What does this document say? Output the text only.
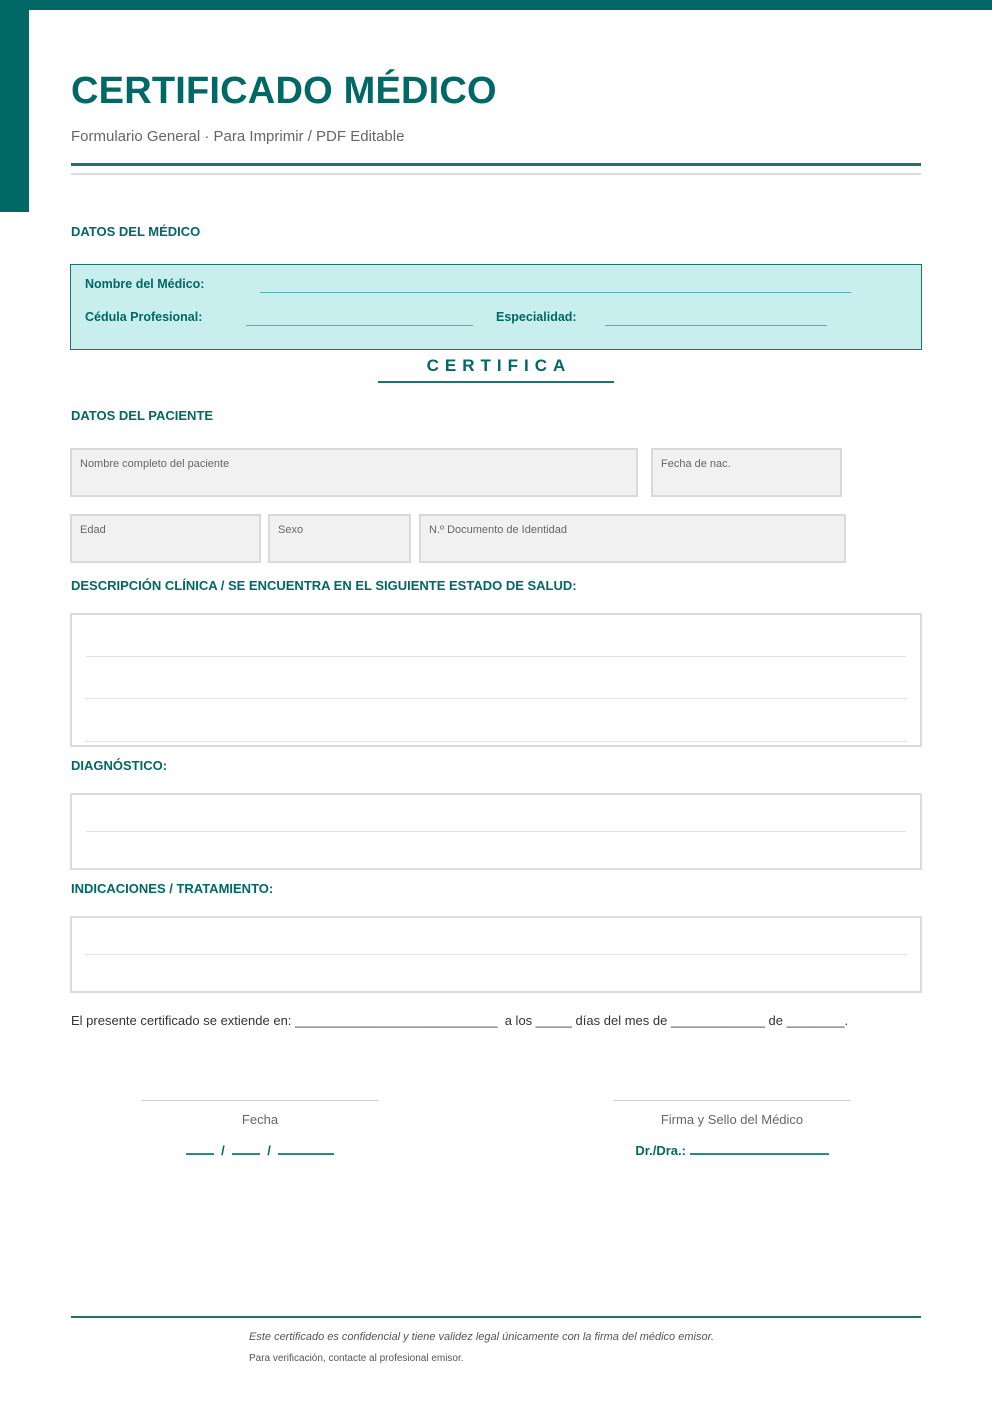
CERTIFICADO MÉDICO
Formulario General · Para Imprimir / PDF Editable
DATOS DEL MÉDICO
Nombre del Médico:
Cédula Profesional:	Especialidad:
CERTIFICA
DATOS DEL PACIENTE
Nombre completo del paciente	Fecha de nac.
Edad	Sexo	N.º Documento de Identidad
DESCRIPCIÓN CLÍNICA / SE ENCUENTRA EN EL SIGUIENTE ESTADO DE SALUD:
DIAGNÓSTICO:
INDICACIONES / TRATAMIENTO:
El presente certificado se extiende en: ____________________________  a los _____ días del mes de _____________ de ________.
Fecha
/	/
Firma y Sello del Médico
Dr./Dra.:
Este certificado es confidencial y tiene validez legal únicamente con la firma del médico emisor.
Para verificación, contacte al profesional emisor.
